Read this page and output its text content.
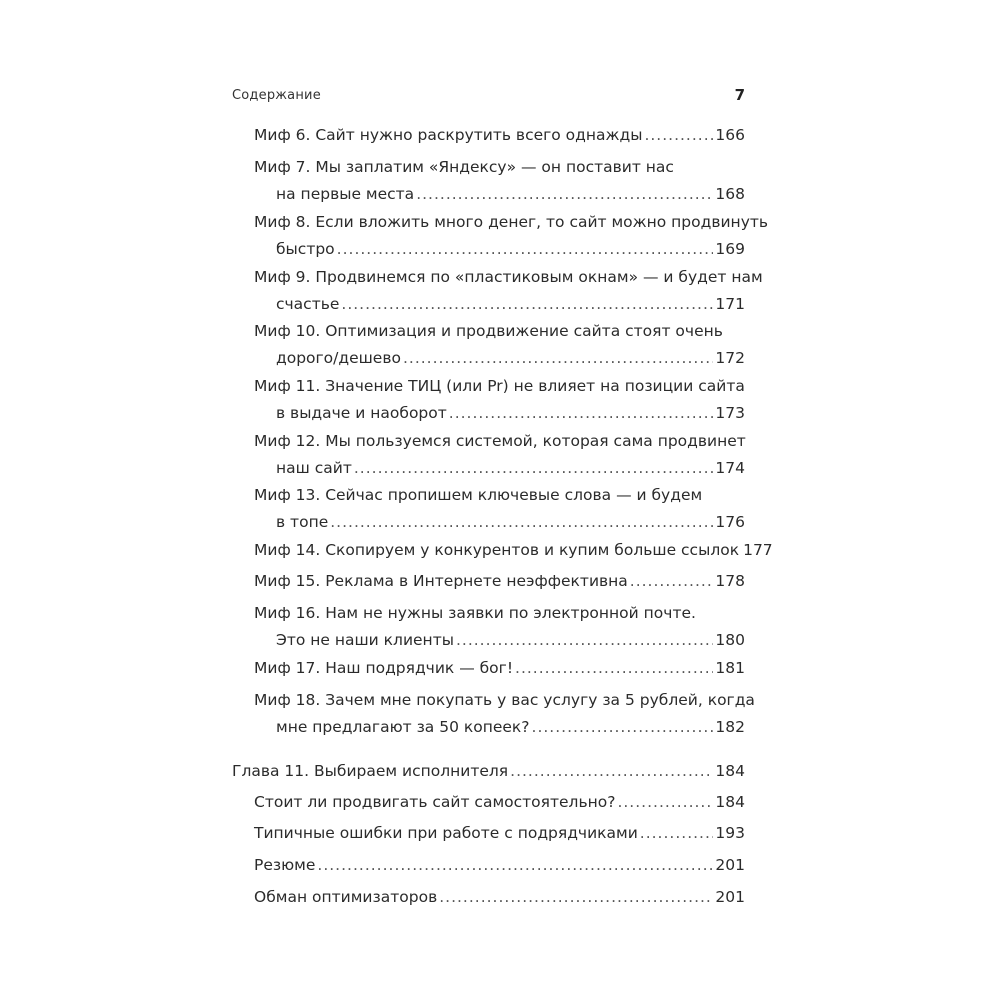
Содержание	7
Миф 6. Сайт нужно раскрутить всего однажды .....	166
Миф 7. Мы заплатим «Яндексу» — он поставит нас
на первые места .....	168
Миф 8. Если вложить много денег, то сайт можно продвинуть
быстро .....	169
Миф 9. Продвинемся по «пластиковым окнам» — и будет нам
счастье .....	171
Миф 10. Оптимизация и продвижение сайта стоят очень
дорого/дешево .....	172
Миф 11. Значение ТИЦ (или Pr) не влияет на позиции сайта
в выдаче и наоборот .....	173
Миф 12. Мы пользуемся системой, которая сама продвинет
наш сайт .....	174
Миф 13. Сейчас пропишем ключевые слова — и будем
в топе .....	176
Миф 14. Скопируем у конкурентов и купим больше ссылок 177
Миф 15. Реклама в Интернете неэффективна .....	178
Миф 16. Нам не нужны заявки по электронной почте.
Это не наши клиенты .....	180
Миф 17. Наш подрядчик — бог! .....	181
Миф 18. Зачем мне покупать у вас услугу за 5 рублей, когда
мне предлагают за 50 копеек? .....	182
Глава 11. Выбираем исполнителя .....	184
Стоит ли продвигать сайт самостоятельно? .....	184
Типичные ошибки при работе с подрядчиками .....	193
Резюме .....	201
Обман оптимизаторов .....	201
